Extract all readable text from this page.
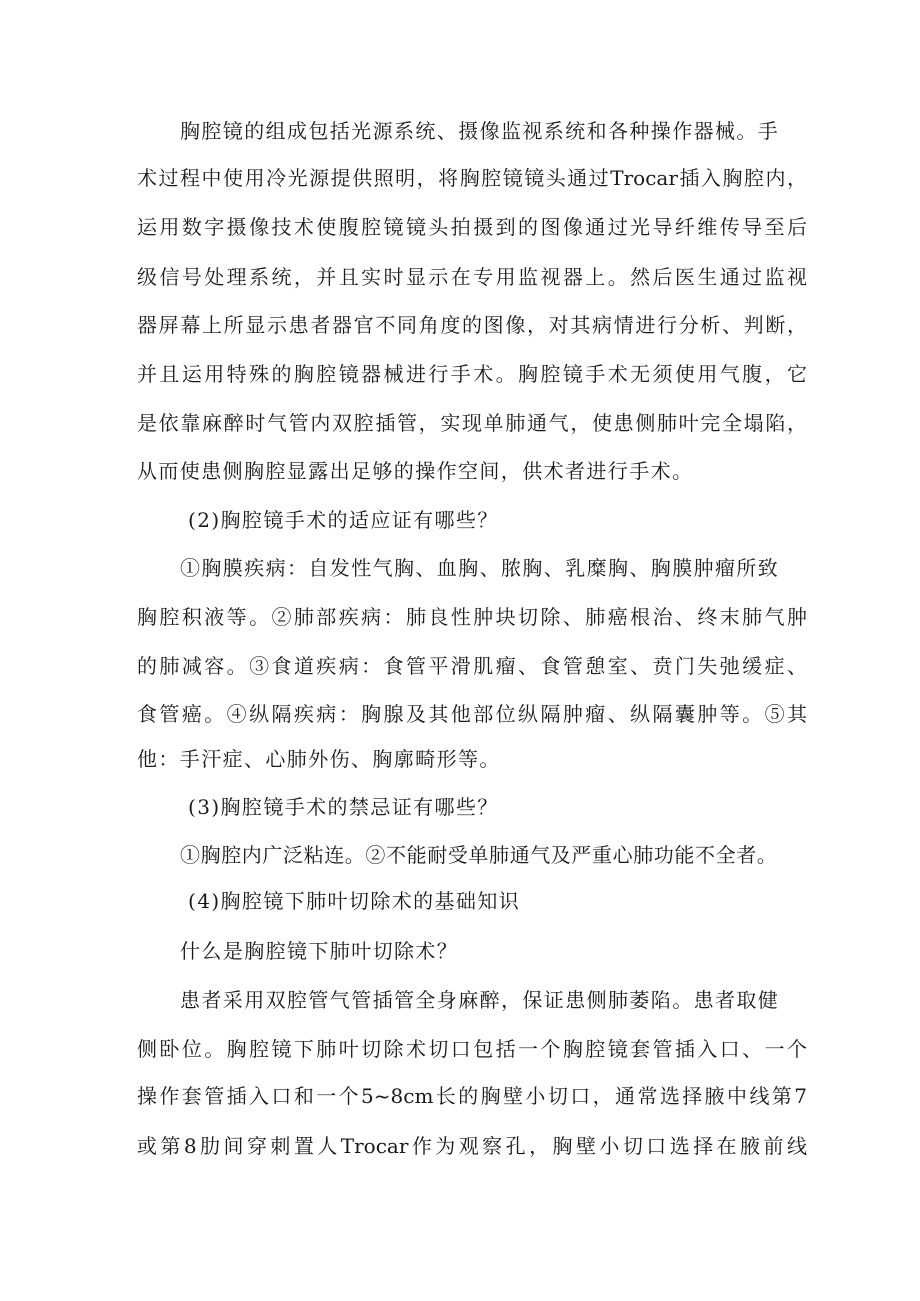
胸腔镜的组成包括光源系统、摄像监视系统和各种操作器械。手
术过程中使用冷光源提供照明，将胸腔镜镜头通过Trocar插入胸腔内，
运用数字摄像技术使腹腔镜镜头拍摄到的图像通过光导纤维传导至后
级信号处理系统，并且实时显示在专用监视器上。然后医生通过监视
器屏幕上所显示患者器官不同角度的图像，对其病情进行分析、判断，
并且运用特殊的胸腔镜器械进行手术。胸腔镜手术无须使用气腹，它
是依靠麻醉时气管内双腔插管，实现单肺通气，使患侧肺叶完全塌陷，
从而使患侧胸腔显露出足够的操作空间，供术者进行手术。
(2)胸腔镜手术的适应证有哪些？
①胸膜疾病：自发性气胸、血胸、脓胸、乳糜胸、胸膜肿瘤所致
胸腔积液等。②肺部疾病：肺良性肿块切除、肺癌根治、终末肺气肿
的肺减容。③食道疾病：食管平滑肌瘤、食管憩室、贲门失弛缓症、
食管癌。④纵隔疾病：胸腺及其他部位纵隔肿瘤、纵隔囊肿等。⑤其
他：手汗症、心肺外伤、胸廓畸形等。
(3)胸腔镜手术的禁忌证有哪些？
①胸腔内广泛粘连。②不能耐受单肺通气及严重心肺功能不全者。
(4)胸腔镜下肺叶切除术的基础知识
什么是胸腔镜下肺叶切除术？
患者采用双腔管气管插管全身麻醉，保证患侧肺萎陷。患者取健
侧卧位。胸腔镜下肺叶切除术切口包括一个胸腔镜套管插入口、一个
操作套管插入口和一个5~8cm长的胸壁小切口，通常选择腋中线第7
或第8肋间穿刺置人Trocar作为观察孔，胸壁小切口选择在腋前线
